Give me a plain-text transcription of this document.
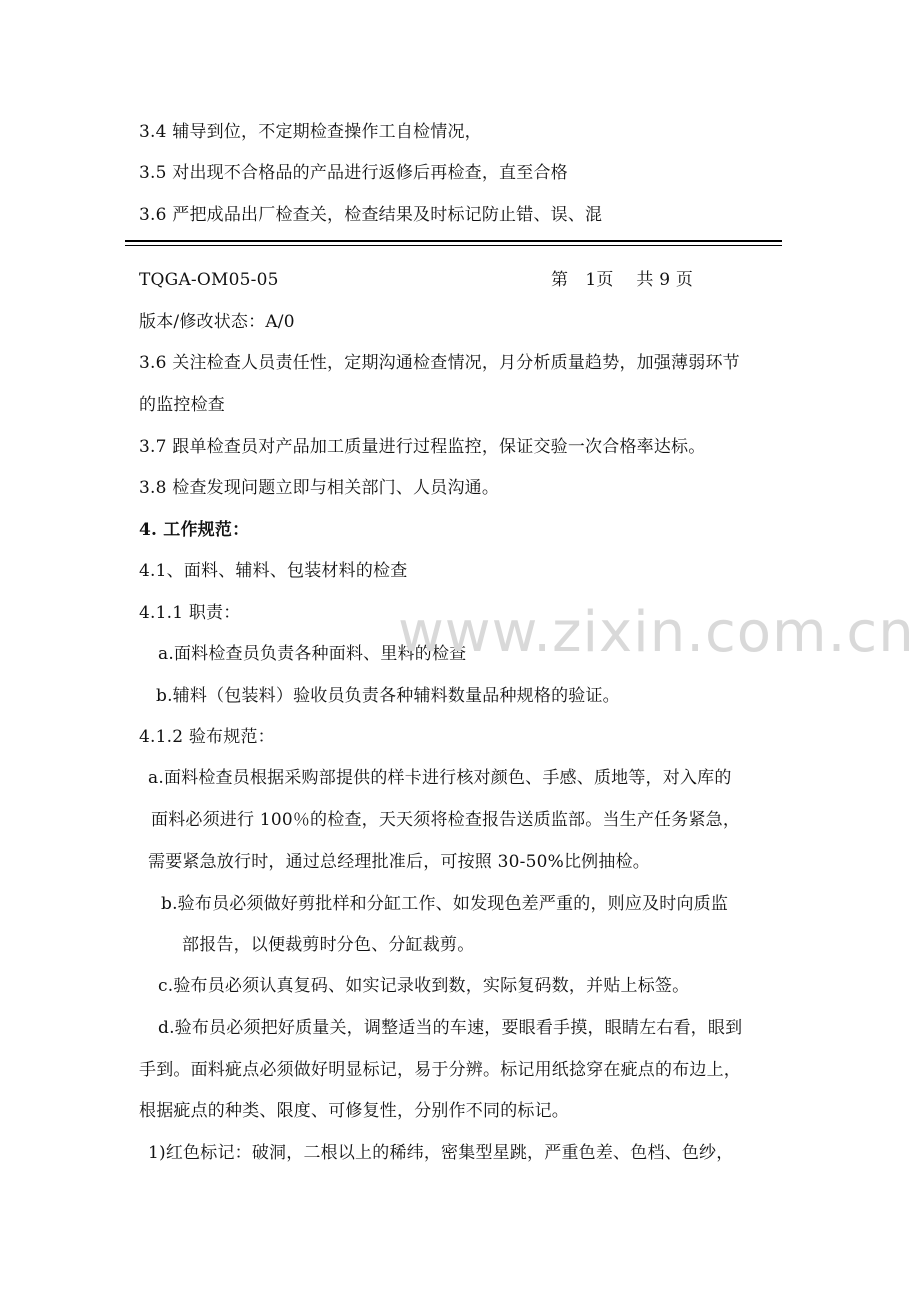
3.4 辅导到位，不定期检查操作工自检情况，
3.5 对出现不合格品的产品进行返修后再检查，直至合格
3.6 严把成品出厂检查关，检查结果及时标记防止错、误、混
TQGA-OM05-05	第　1页　 共 9 页
版本/修改状态：A/0
3.6 关注检查人员责任性，定期沟通检查情况，月分析质量趋势，加强薄弱环节
的监控检查
3.7 跟单检查员对产品加工质量进行过程监控，保证交验一次合格率达标。
3.8 检查发现问题立即与相关部门、人员沟通。
4. 工作规范：
4.1、面料、辅料、包装材料的检查
4.1.1 职责：
a.面料检查员负责各种面料、里料的检查
b.辅料（包装料）验收员负责各种辅料数量品种规格的验证。
4.1.2 验布规范：
a.面料检查员根据采购部提供的样卡进行核对颜色、手感、质地等，对入库的
面料必须进行 100％的检查，天天须将检查报告送质监部。当生产任务紧急，
需要紧急放行时，通过总经理批准后，可按照 30-50%比例抽检。
b.验布员必须做好剪批样和分缸工作、如发现色差严重的，则应及时向质监
部报告，以便裁剪时分色、分缸裁剪。
c.验布员必须认真复码、如实记录收到数，实际复码数，并贴上标签。
d.验布员必须把好质量关，调整适当的车速，要眼看手摸，眼睛左右看，眼到
手到。面料疵点必须做好明显标记，易于分辨。标记用纸捻穿在疵点的布边上，
根据疵点的种类、限度、可修复性，分别作不同的标记。
1)红色标记：破洞，二根以上的稀纬，密集型星跳，严重色差、色档、色纱，
www.zixin.com.cn
